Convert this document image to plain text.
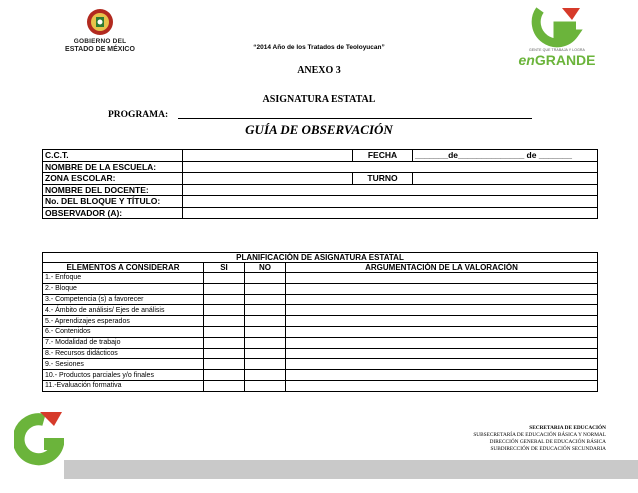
GOBIERNO DEL
ESTADO DE MÉXICO	GENTE QUE TRABAJA Y LOGRA
enGRANDE
“2014 Año de los Tratados de Teoloyucan”
ANEXO 3
ASIGNATURA ESTATAL
PROGRAMA:
GUÍA DE OBSERVACIÓN
C.C.T.		FECHA	_______de______________ de _______
NOMBRE DE LA ESCUELA:			
ZONA ESCOLAR:		TURNO	
NOMBRE DEL DOCENTE:			
No. DEL BLOQUE Y TÍTULO:			
OBSERVADOR (A):			
PLANIFICACIÓN DE ASIGNATURA ESTATAL			
ELEMENTOS A CONSIDERAR	SI	NO	ARGUMENTACIÓN DE LA VALORACIÓN
1.- Enfoque			
2.- Bloque			
3.- Competencia (s) a favorecer			
4.- Ámbito de análisis/ Ejes de análisis			
5.- Aprendizajes esperados			
6.- Contenidos			
7.- Modalidad de trabajo			
8.- Recursos didácticos			
9.- Sesiones			
10.- Productos parciales y/o finales			
11.-Evaluación formativa			
SECRETARIA DE EDUCACIÓN
SUBSECRETARÍA DE EDUCACIÓN BÁSICA Y NORMAL
DIRECCIÓN GENERAL DE EDUCACIÓN BÁSICA
SUBDIRECCIÓN DE EDUCACIÓN SECUNDARIA
